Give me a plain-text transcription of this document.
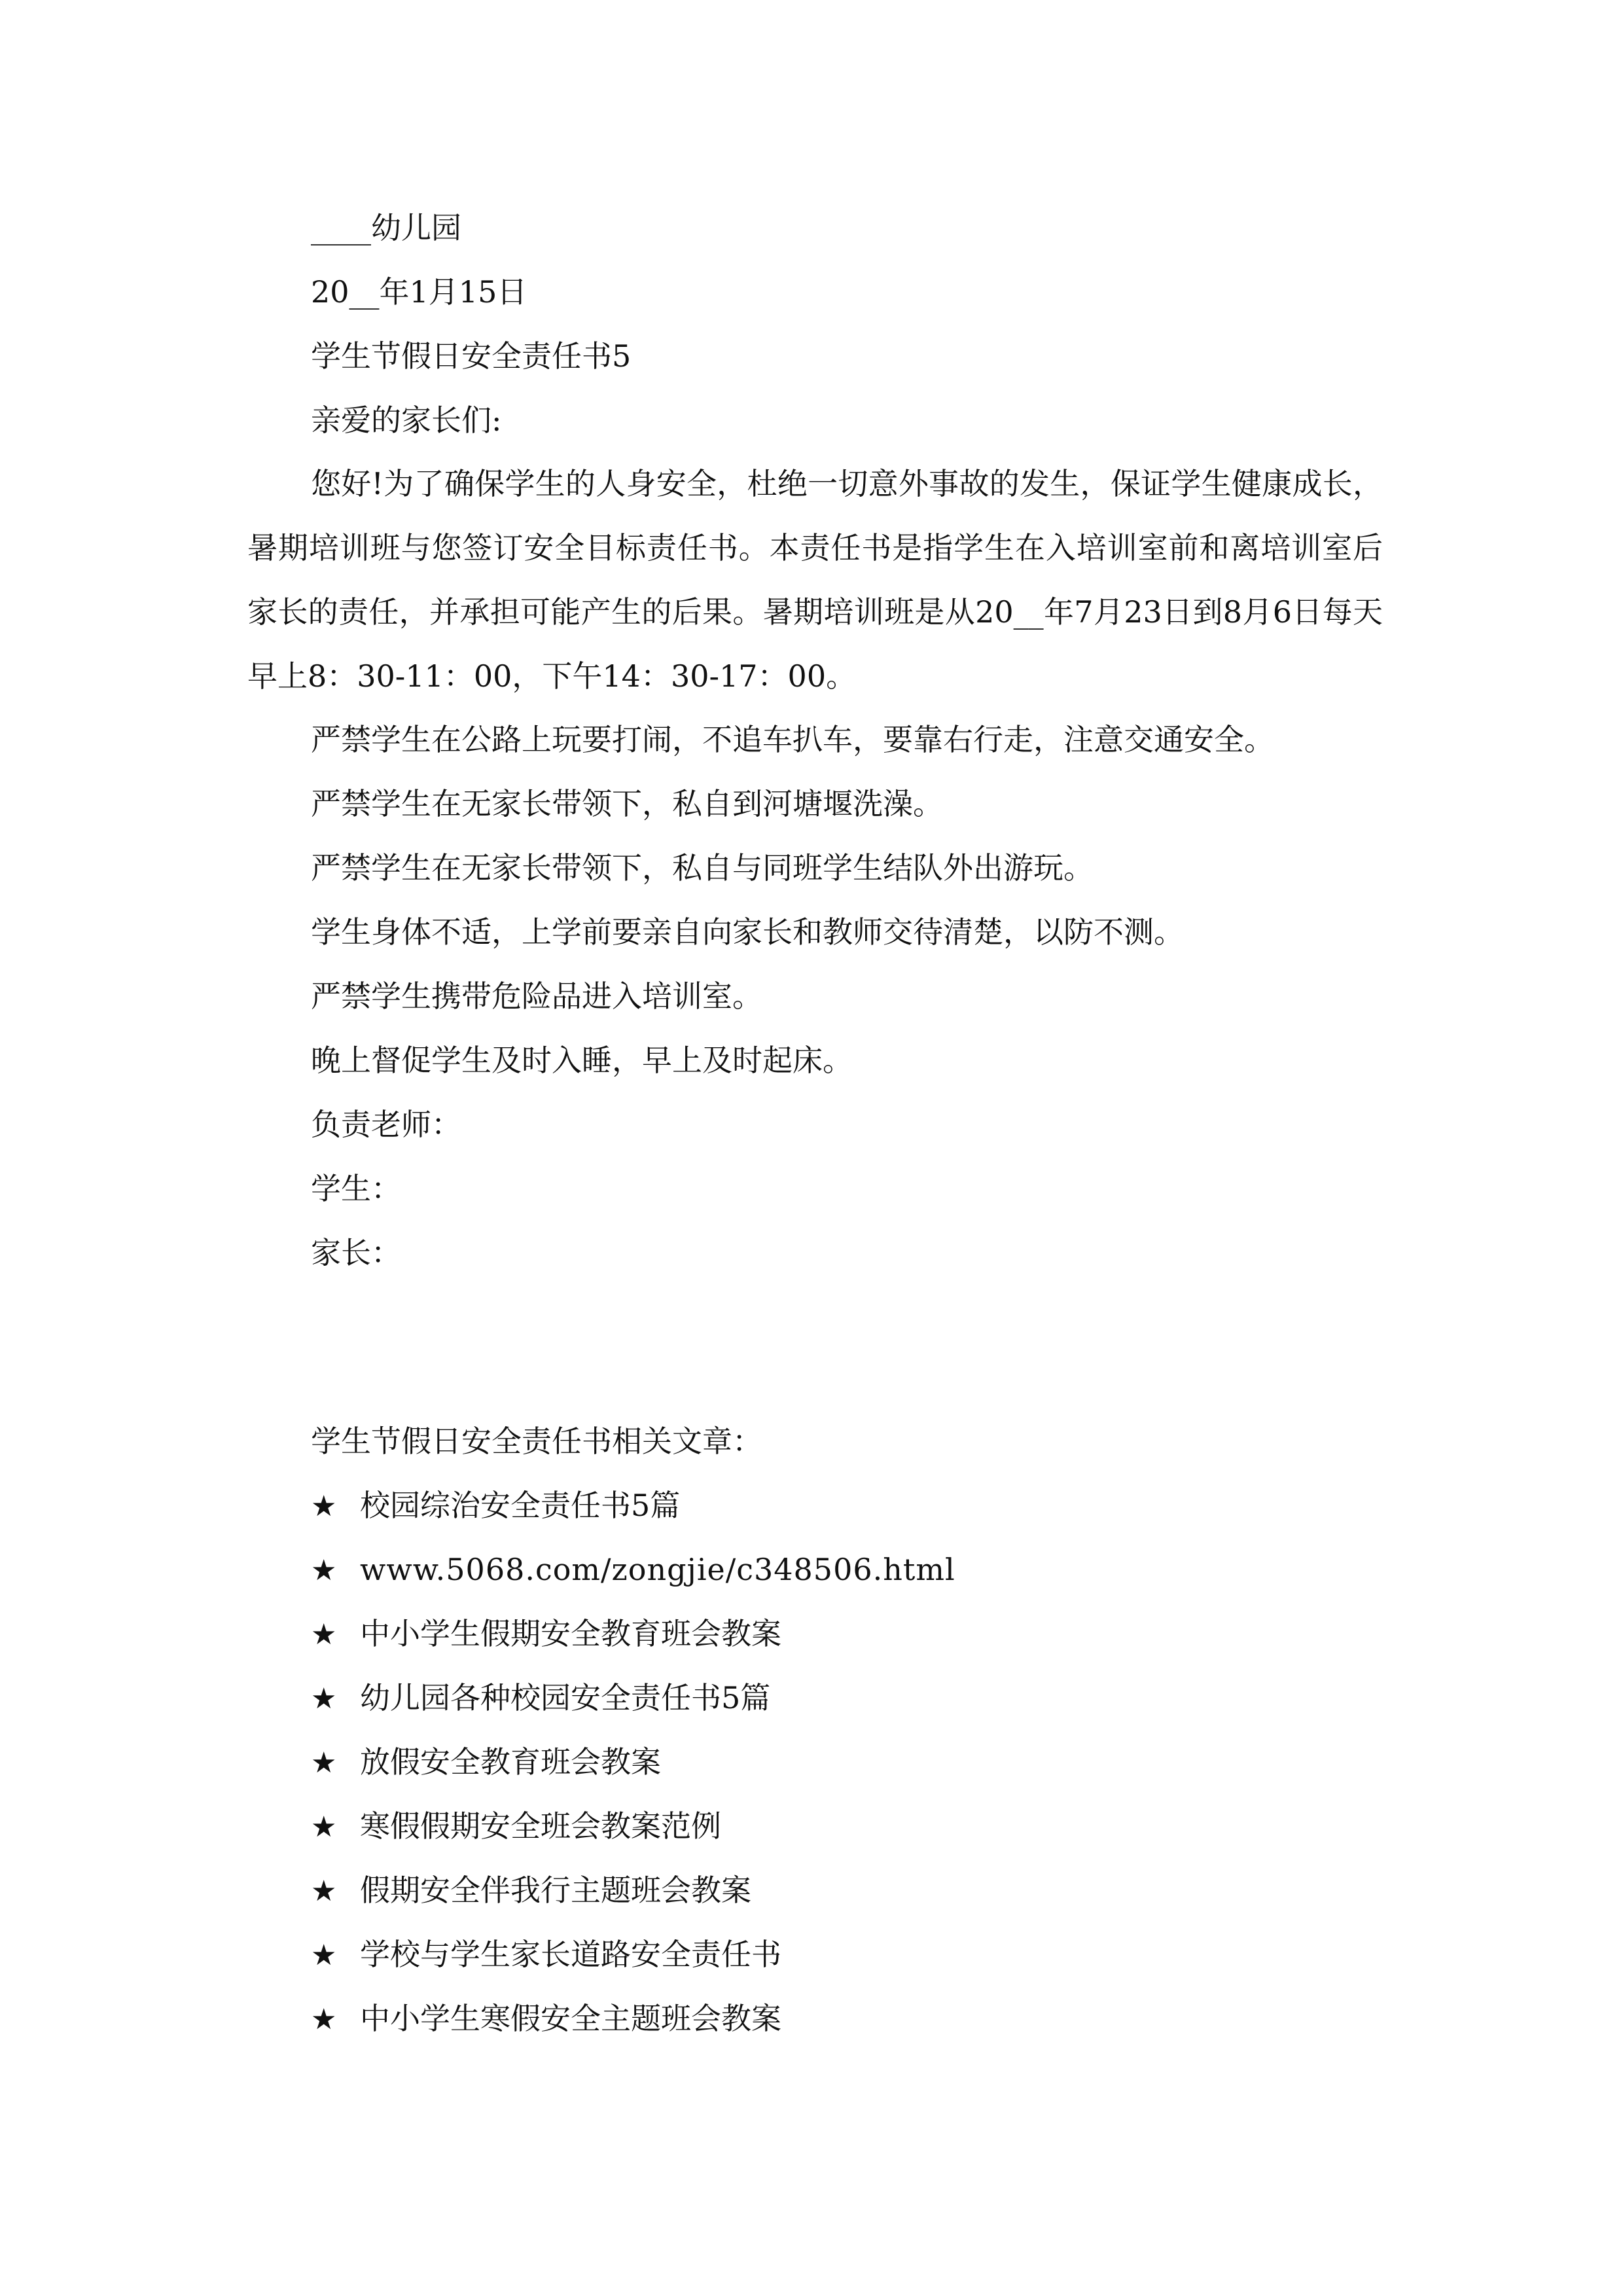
____幼儿园
20__年1月15日
学生节假日安全责任书5
亲爱的家长们:
您好!为了确保学生的人身安全，杜绝一切意外事故的发生，保证学生健康成长，暑期培训班与您签订安全目标责任书。本责任书是指学生在入培训室前和离培训室后家长的责任，并承担可能产生的后果。暑期培训班是从20__年7月23日到8月6日每天早上8：30-11：00，下午14：30-17：00。
严禁学生在公路上玩要打闹，不追车扒车，要靠右行走，注意交通安全。
严禁学生在无家长带领下，私自到河塘堰洗澡。
严禁学生在无家长带领下，私自与同班学生结队外出游玩。
学生身体不适，上学前要亲自向家长和教师交待清楚，以防不测。
严禁学生携带危险品进入培训室。
晚上督促学生及时入睡，早上及时起床。
负责老师：
学生：
家长：
学生节假日安全责任书相关文章：
★ 校园综治安全责任书5篇
★ www.5068.com/zongjie/c348506.html
★ 中小学生假期安全教育班会教案
★ 幼儿园各种校园安全责任书5篇
★ 放假安全教育班会教案
★ 寒假假期安全班会教案范例
★ 假期安全伴我行主题班会教案
★ 学校与学生家长道路安全责任书
★ 中小学生寒假安全主题班会教案
